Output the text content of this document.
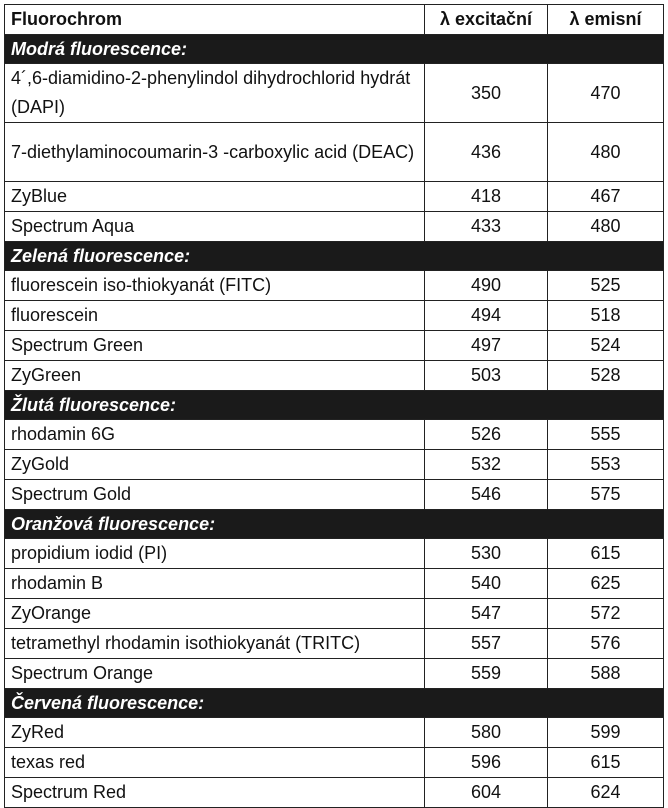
Fluorochrom	λ excitační	λ emisní
Modrá fluorescence:		
4´,6-diamidino-2-phenylindol dihydrochlorid hydrát (DAPI)	350	470
7-diethylaminocoumarin-3 -carboxylic acid (DEAC)	436	480
ZyBlue	418	467
Spectrum Aqua	433	480
Zelená fluorescence:		
fluorescein iso-thiokyanát (FITC)	490	525
fluorescein	494	518
Spectrum Green	497	524
ZyGreen	503	528
Žlutá fluorescence:		
rhodamin 6G	526	555
ZyGold	532	553
Spectrum Gold	546	575
Oranžová fluorescence:		
propidium iodid (PI)	530	615
rhodamin B	540	625
ZyOrange	547	572
tetramethyl rhodamin isothiokyanát (TRITC)	557	576
Spectrum Orange	559	588
Červená fluorescence:		
ZyRed	580	599
texas red	596	615
Spectrum Red	604	624
